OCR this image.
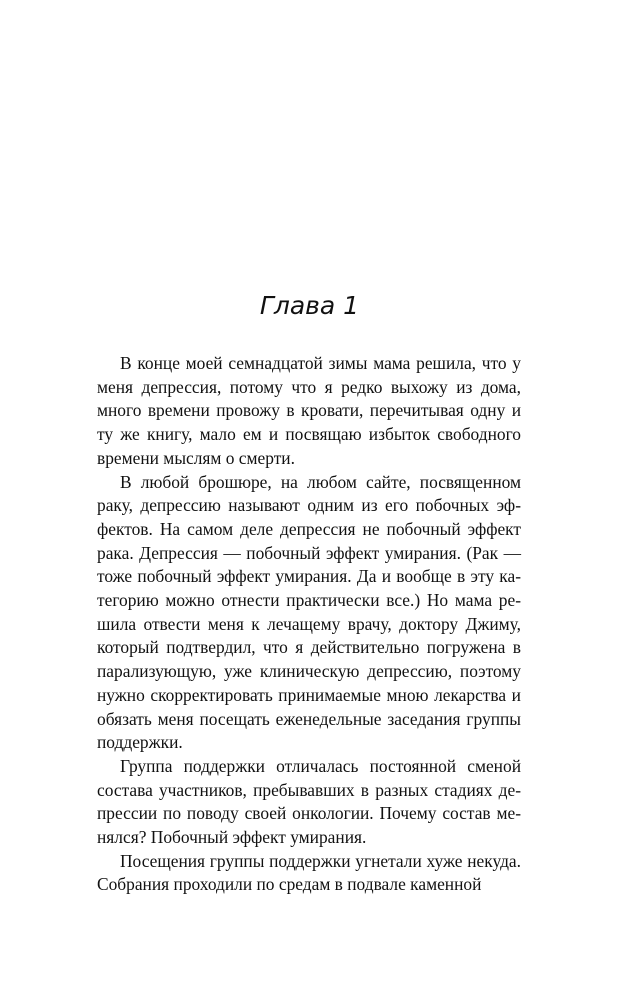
Глава 1

В конце моей семнадцатой зимы мама решила, что у меня депрессия, потому что я редко выхожу из дома, много времени провожу в кровати, перечитывая одну и ту же книгу, мало ем и посвящаю избыток свободного времени мыслям о смерти.

В любой брошюре, на любом сайте, посвященном раку, депрессию называют одним из его побочных эффектов. На самом деле депрессия не побочный эффект рака. Депрессия — побочный эффект умирания. (Рак — тоже побочный эффект умирания. Да и вообще в эту категорию можно отнести практически все.) Но мама решила отвести меня к лечащему врачу, доктору Джиму, который подтвердил, что я действительно погружена в парализующую, уже клиническую депрессию, поэтому нужно скорректировать принимаемые мною лекарства и обязать меня посещать еженедельные заседания группы поддержки.

Группа поддержки отличалась постоянной сменой состава участников, пребывавших в разных стадиях депрессии по поводу своей онкологии. Почему состав менялся? Побочный эффект умирания.

Посещения группы поддержки угнетали хуже некуда. Собрания проходили по средам в подвале каменной
